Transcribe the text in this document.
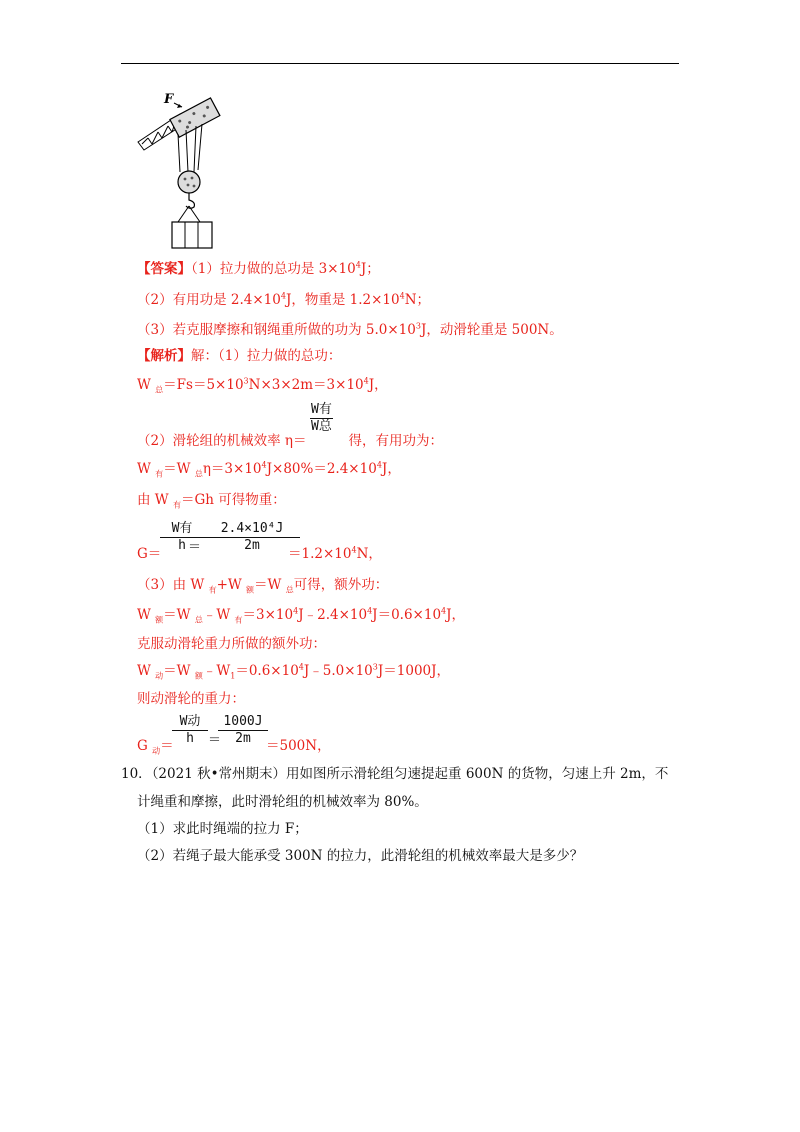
F
【答案】（1）拉力做的总功是 $3\times 10^4J$；
（2）有用功是 $2.4\times 10^4J$，物重是 $1.2\times 10^4N$；
（3）若克服摩擦和钢绳重所做的功为 $5.0\times 10^3J$，动滑轮重是 500N。
【解析】解：（1）拉力做的总功：
W $_总=Fs=5\times 10^3N\times 3\times 2m=3\times 10^4J$，
W有
W总
（2）滑轮组的机械效率 η＝	得，有用功为：
W $_有$＝W $_总\eta=3\times 10^4J\times 80\%=2.4\times 10^4J$，
由 W $_有$＝Gh 可得物重：
W有
h
2.4×10⁴J
2m
G＝ ＝	$=1.2\times 10^4N$，
（3）由 W $_有$+W $_额$＝W $_总$可得，额外功：
W $_额$＝W $_总$﹣W $_有=3\times 10^4J﹣2.4\times 10^4J=0.6\times 10^4J$，
克服动滑轮重力所做的额外功：
W $_动$＝W $_额﹣W_1=0.6\times 10^4J﹣5.0\times 10^3J=1000J$，
则动滑轮的重力：
W动
h
1000J
2m
G $_动$＝	＝	＝500N，
10．（2021 秋•常州期末）用如图所示滑轮组匀速提起重 600N 的货物，匀速上升 2m，不
计绳重和摩擦，此时滑轮组的机械效率为 80%。
（1）求此时绳端的拉力 F；
（2）若绳子最大能承受 300N 的拉力，此滑轮组的机械效率最大是多少？
